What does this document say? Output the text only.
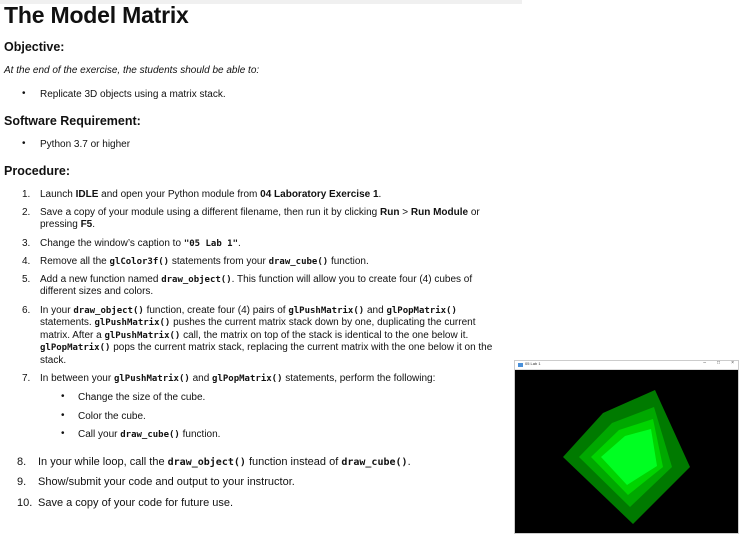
The Model Matrix
Objective:
At the end of the exercise, the students should be able to:
• Replicate 3D objects using a matrix stack.
Software Requirement:
• Python 3.7 or higher
Procedure:
1. Launch IDLE and open your Python module from 04 Laboratory Exercise 1.
2. Save a copy of your module using a different filename, then run it by clicking Run > Run Module or
pressing F5.
3. Change the window’s caption to "05 Lab 1".
4. Remove all the glColor3f() statements from your draw_cube() function.
5. Add a new function named draw_object(). This function will allow you to create four (4) cubes of
different sizes and colors.
6. In your draw_object() function, create four (4) pairs of glPushMatrix() and glPopMatrix()
statements. glPushMatrix() pushes the current matrix stack down by one, duplicating the current
matrix. After a glPushMatrix() call, the matrix on top of the stack is identical to the one below it.
glPopMatrix() pops the current matrix stack, replacing the current matrix with the one below it on the
stack.
7. In between your glPushMatrix() and glPopMatrix() statements, perform the following:
• Change the size of the cube.
• Color the cube.
• Call your draw_cube() function.
8. In your while loop, call the draw_object() function instead of draw_cube().
9. Show/submit your code and output to your instructor.
10. Save a copy of your code for future use.
05 Lab 1	– □ ×
